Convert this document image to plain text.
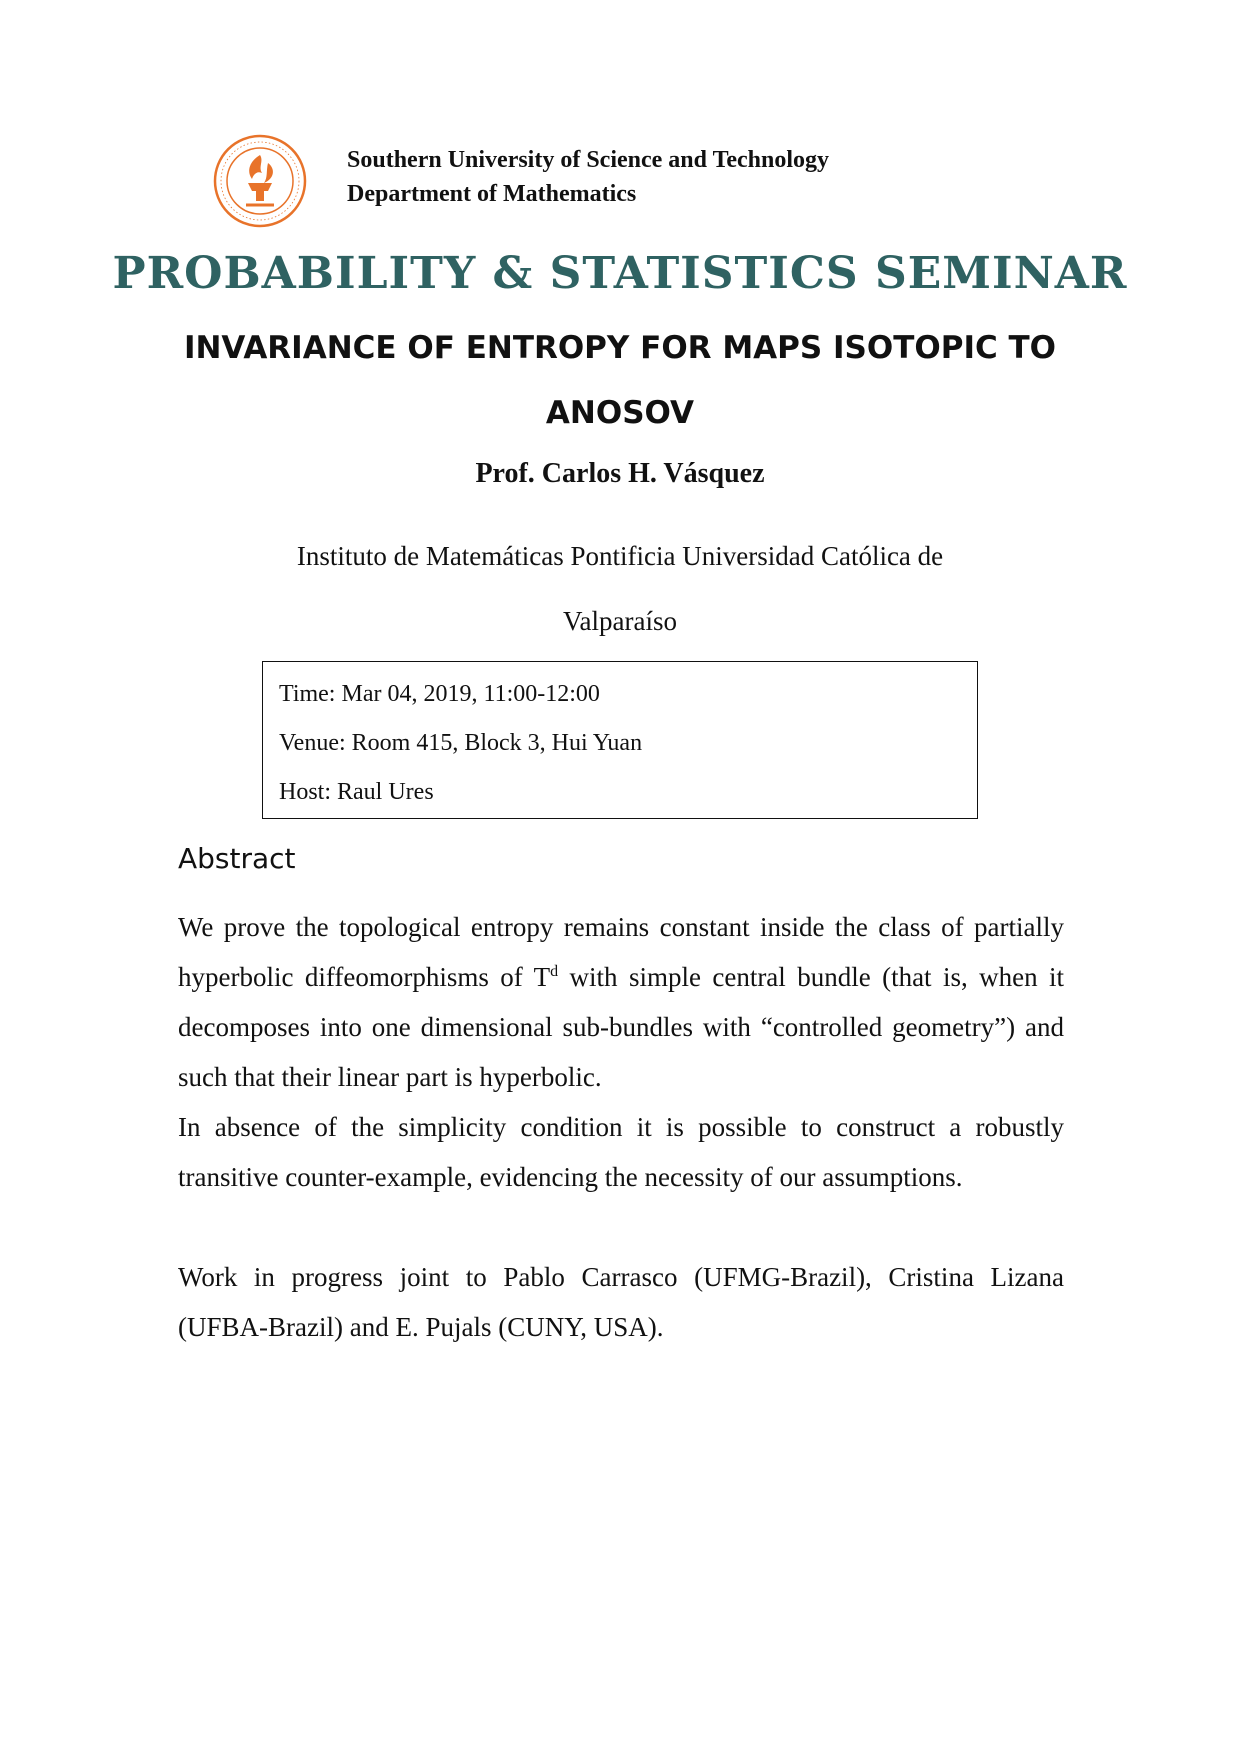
Southern University of Science and Technology
Department of Mathematics
PROBABILITY & STATISTICS SEMINAR
INVARIANCE OF ENTROPY FOR MAPS ISOTOPIC TO ANOSOV
Prof. Carlos H. Vásquez
Instituto de Matemáticas Pontificia Universidad Católica de Valparaíso
Time: Mar 04, 2019, 11:00-12:00
Venue: Room 415, Block 3, Hui Yuan
Host: Raul Ures
Abstract

We prove the topological entropy remains constant inside the class of partially hyperbolic diffeomorphisms of $T^d$ with simple central bundle (that is, when it decomposes into one dimensional sub-bundles with “controlled geometry”) and such that their linear part is hyperbolic.

In absence of the simplicity condition it is possible to construct a robustly transitive counter-example, evidencing the necessity of our assumptions.

Work in progress joint to Pablo Carrasco (UFMG-Brazil), Cristina Lizana (UFBA-Brazil) and E. Pujals (CUNY, USA).
